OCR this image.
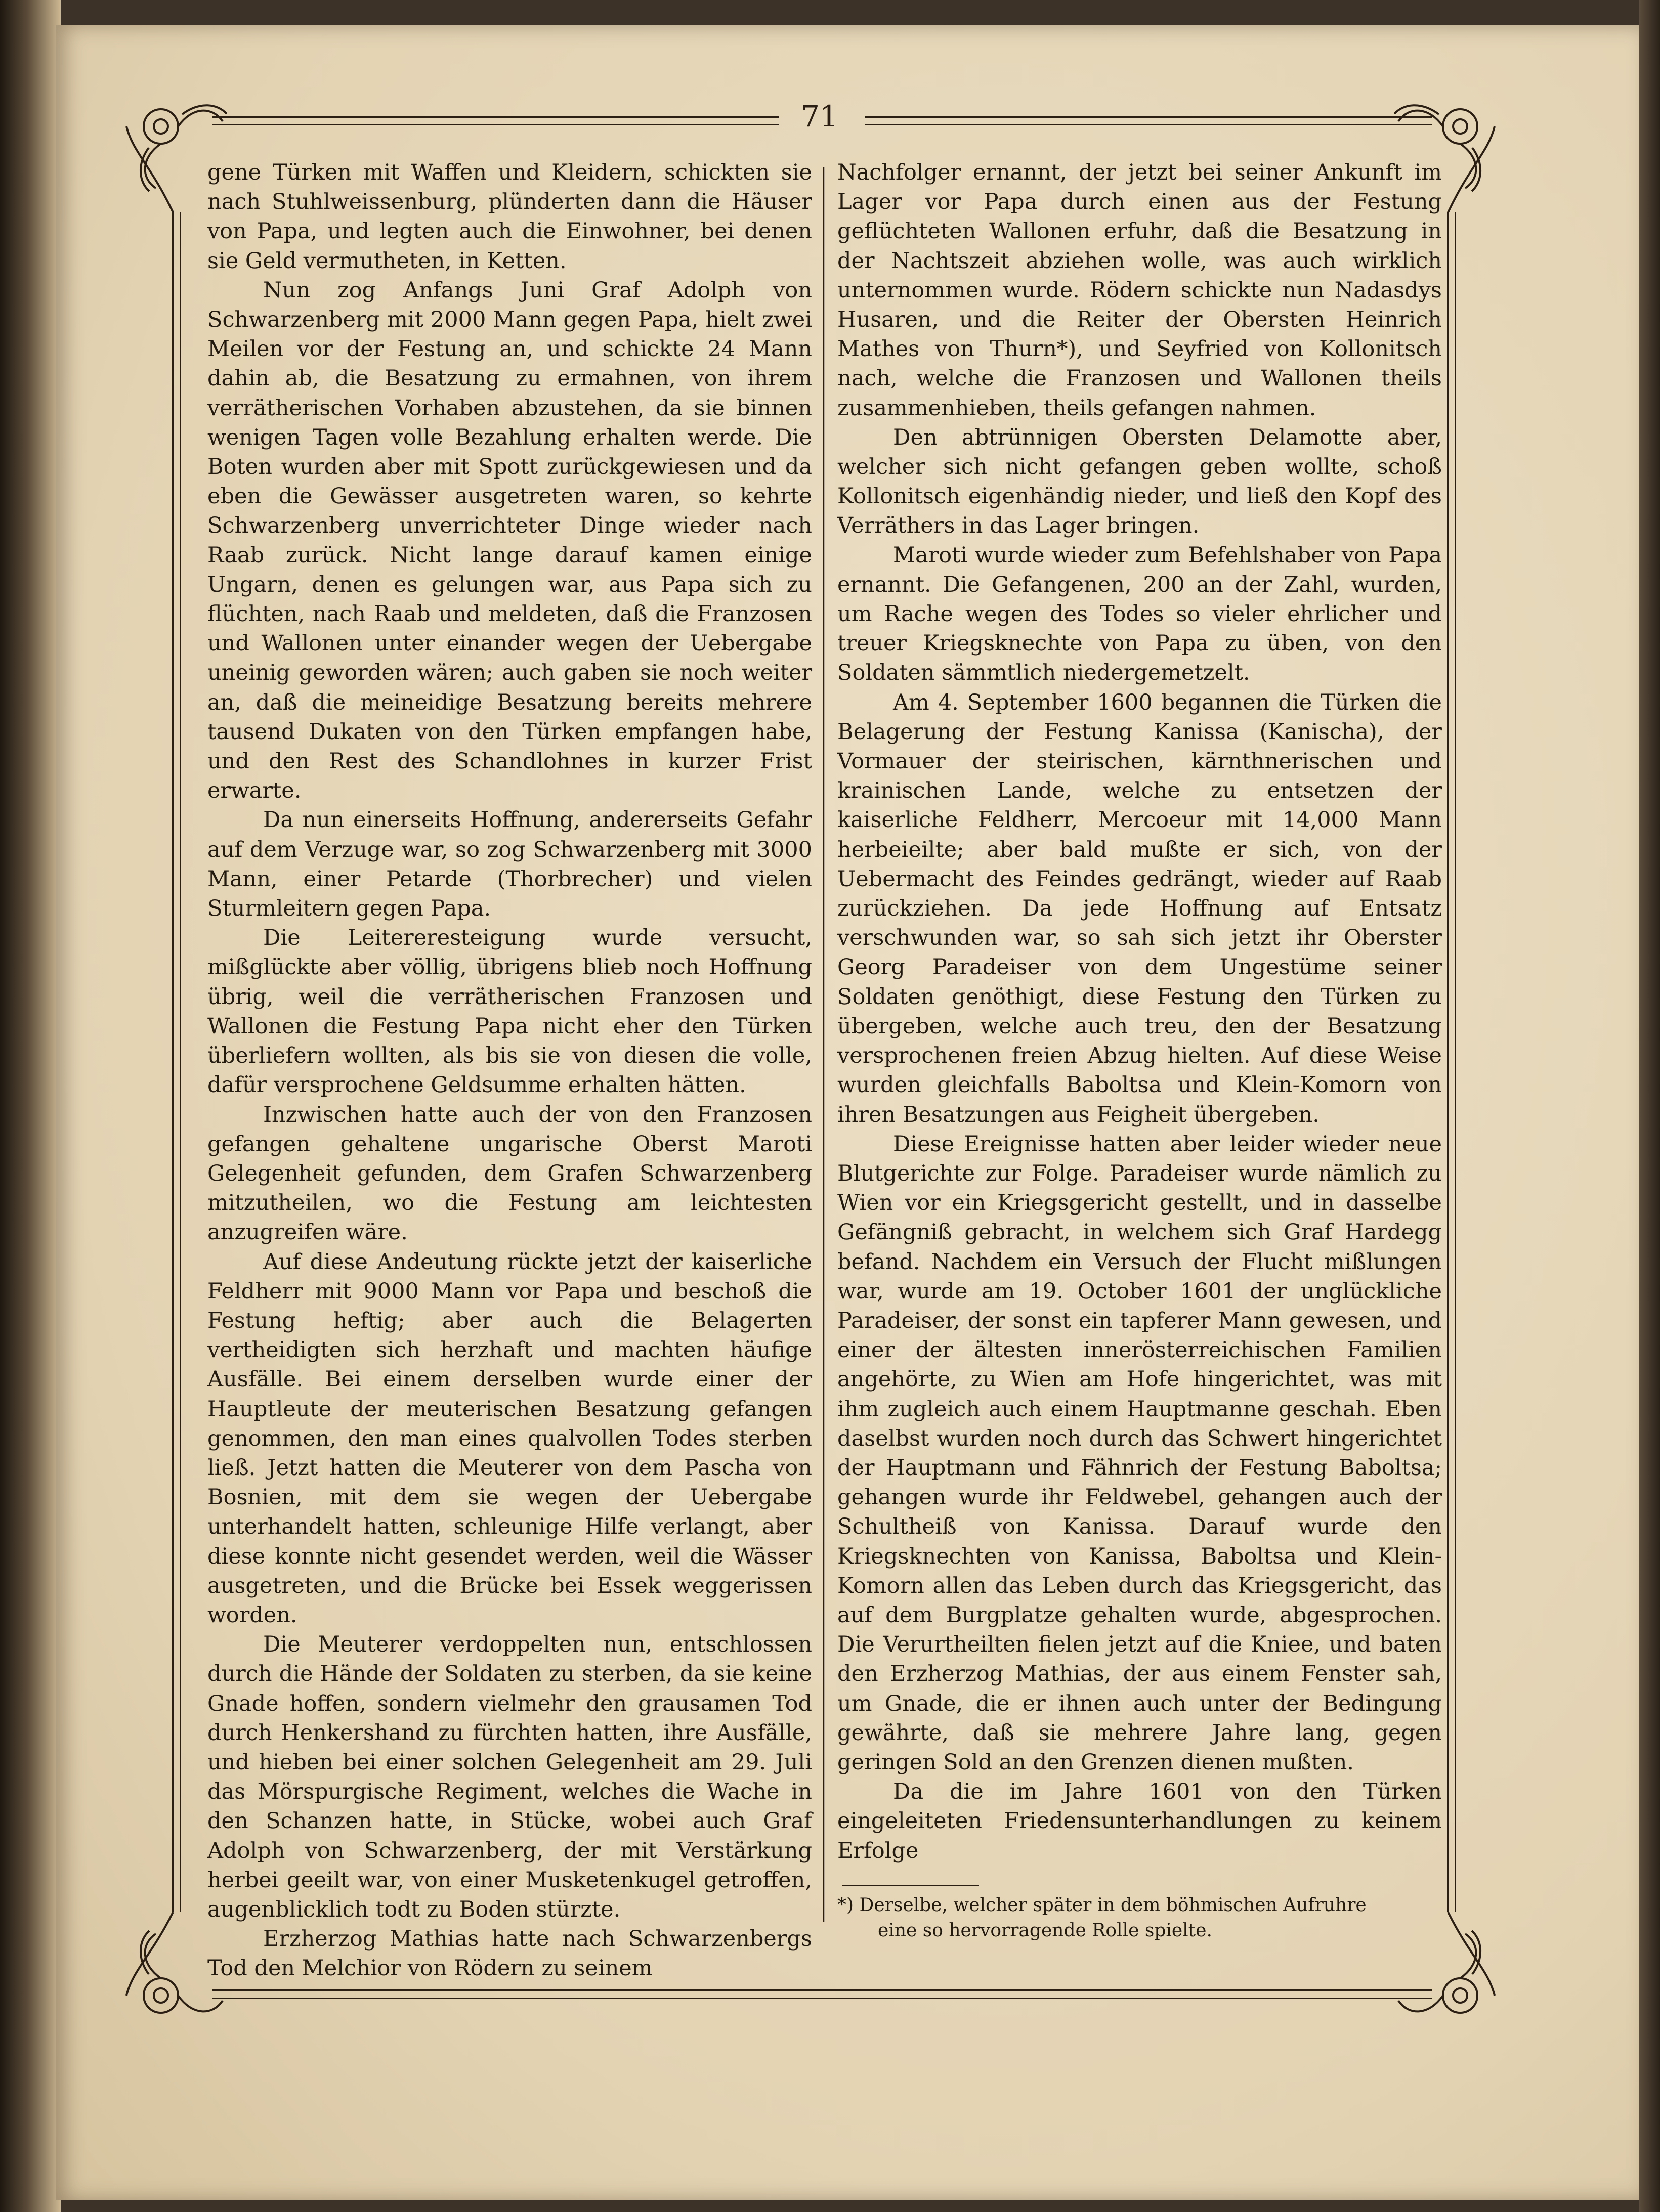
71

gene Türken mit Waffen und Kleidern, schickten sie nach Stuhlweissenburg, plünderten dann die Häuser von Papa, und legten auch die Einwohner, bei denen sie Geld vermutheten, in Ketten.

Nun zog Anfangs Juni Graf Adolph von Schwarzenberg mit 2000 Mann gegen Papa, hielt zwei Meilen vor der Festung an, und schickte 24 Mann dahin ab, die Besatzung zu ermahnen, von ihrem verrätherischen Vorhaben abzustehen, da sie binnen wenigen Tagen volle Bezahlung erhalten werde. Die Boten wurden aber mit Spott zurückgewiesen und da eben die Gewässer ausgetreten waren, so kehrte Schwarzenberg unverrichteter Dinge wieder nach Raab zurück. Nicht lange darauf kamen einige Ungarn, denen es gelungen war, aus Papa sich zu flüchten, nach Raab und meldeten, daß die Franzosen und Wallonen unter einander wegen der Uebergabe uneinig geworden wären; auch gaben sie noch weiter an, daß die meineidige Besatzung bereits mehrere tausend Dukaten von den Türken empfangen habe, und den Rest des Schandlohnes in kurzer Frist erwarte.

Da nun einerseits Hoffnung, andererseits Gefahr auf dem Verzuge war, so zog Schwarzenberg mit 3000 Mann, einer Petarde (Thorbrecher) und vielen Sturmleitern gegen Papa.

Die Leitereresteigung wurde versucht, mißglückte aber völlig, übrigens blieb noch Hoffnung übrig, weil die verrätherischen Franzosen und Wallonen die Festung Papa nicht eher den Türken überliefern wollten, als bis sie von diesen die volle, dafür versprochene Geldsumme erhalten hätten.

Inzwischen hatte auch der von den Franzosen gefangen gehaltene ungarische Oberst Maroti Gelegenheit gefunden, dem Grafen Schwarzenberg mitzutheilen, wo die Festung am leichtesten anzugreifen wäre.

Auf diese Andeutung rückte jetzt der kaiserliche Feldherr mit 9000 Mann vor Papa und beschoß die Festung heftig; aber auch die Belagerten vertheidigten sich herzhaft und machten häufige Ausfälle. Bei einem derselben wurde einer der Hauptleute der meuterischen Besatzung gefangen genommen, den man eines qualvollen Todes sterben ließ. Jetzt hatten die Meuterer von dem Pascha von Bosnien, mit dem sie wegen der Uebergabe unterhandelt hatten, schleunige Hilfe verlangt, aber diese konnte nicht gesendet werden, weil die Wässer ausgetreten, und die Brücke bei Essek weggerissen worden.

Die Meuterer verdoppelten nun, entschlossen durch die Hände der Soldaten zu sterben, da sie keine Gnade hoffen, sondern vielmehr den grausamen Tod durch Henkershand zu fürchten hatten, ihre Ausfälle, und hieben bei einer solchen Gelegenheit am 29. Juli das Mörspurgische Regiment, welches die Wache in den Schanzen hatte, in Stücke, wobei auch Graf Adolph von Schwarzenberg, der mit Verstärkung herbei geeilt war, von einer Musketenkugel getroffen, augenblicklich todt zu Boden stürzte.

Erzherzog Mathias hatte nach Schwarzenbergs Tod den Melchior von Rödern zu seinem

Nachfolger ernannt, der jetzt bei seiner Ankunft im Lager vor Papa durch einen aus der Festung geflüchteten Wallonen erfuhr, daß die Besatzung in der Nachtszeit abziehen wolle, was auch wirklich unternommen wurde. Rödern schickte nun Nadasdys Husaren, und die Reiter der Obersten Heinrich Mathes von Thurn*), und Seyfried von Kollonitsch nach, welche die Franzosen und Wallonen theils zusammenhieben, theils gefangen nahmen.

Den abtrünnigen Obersten Delamotte aber, welcher sich nicht gefangen geben wollte, schoß Kollonitsch eigenhändig nieder, und ließ den Kopf des Verräthers in das Lager bringen.

Maroti wurde wieder zum Befehlshaber von Papa ernannt. Die Gefangenen, 200 an der Zahl, wurden, um Rache wegen des Todes so vieler ehrlicher und treuer Kriegsknechte von Papa zu üben, von den Soldaten sämmtlich niedergemetzelt.

Am 4. September 1600 begannen die Türken die Belagerung der Festung Kanissa (Kanischa), der Vormauer der steirischen, kärnthnerischen und krainischen Lande, welche zu entsetzen der kaiserliche Feldherr, Mercoeur mit 14,000 Mann herbeieilte; aber bald mußte er sich, von der Uebermacht des Feindes gedrängt, wieder auf Raab zurückziehen. Da jede Hoffnung auf Entsatz verschwunden war, so sah sich jetzt ihr Oberster Georg Paradeiser von dem Ungestüme seiner Soldaten genöthigt, diese Festung den Türken zu übergeben, welche auch treu, den der Besatzung versprochenen freien Abzug hielten. Auf diese Weise wurden gleichfalls Baboltsa und Klein-Komorn von ihren Besatzungen aus Feigheit übergeben.

Diese Ereignisse hatten aber leider wieder neue Blutgerichte zur Folge. Paradeiser wurde nämlich zu Wien vor ein Kriegsgericht gestellt, und in dasselbe Gefängniß gebracht, in welchem sich Graf Hardegg befand. Nachdem ein Versuch der Flucht mißlungen war, wurde am 19. October 1601 der unglückliche Paradeiser, der sonst ein tapferer Mann gewesen, und einer der ältesten innerösterreichischen Familien angehörte, zu Wien am Hofe hingerichtet, was mit ihm zugleich auch einem Hauptmanne geschah. Eben daselbst wurden noch durch das Schwert hingerichtet der Hauptmann und Fähnrich der Festung Baboltsa; gehangen wurde ihr Feldwebel, gehangen auch der Schultheiß von Kanissa. Darauf wurde den Kriegsknechten von Kanissa, Baboltsa und Klein-Komorn allen das Leben durch das Kriegsgericht, das auf dem Burgplatze gehalten wurde, abgesprochen. Die Verurtheilten fielen jetzt auf die Kniee, und baten den Erzherzog Mathias, der aus einem Fenster sah, um Gnade, die er ihnen auch unter der Bedingung gewährte, daß sie mehrere Jahre lang, gegen geringen Sold an den Grenzen dienen mußten.

Da die im Jahre 1601 von den Türken eingeleiteten Friedensunterhandlungen zu keinem Erfolge

*) Derselbe, welcher später in dem böhmischen Aufruhre
eine so hervorragende Rolle spielte.
